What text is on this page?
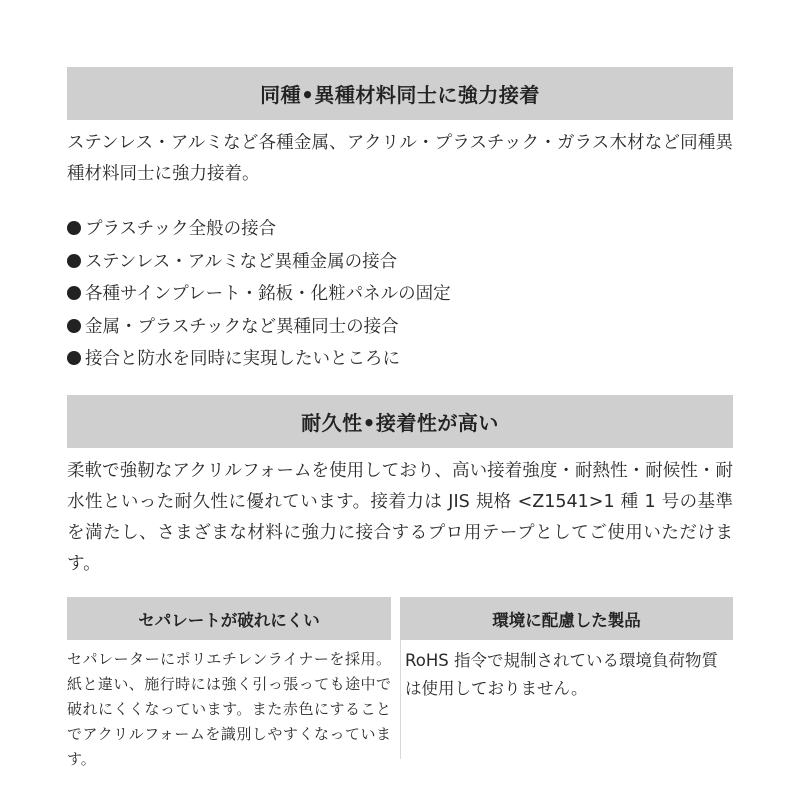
同種•異種材料同士に強力接着

ステンレス・アルミなど各種金属、アクリル・プラスチック・ガラス木材など同種異種材料同士に強力接着。

プラスチック全般の接合
ステンレス・アルミなど異種金属の接合
各種サインプレート・銘板・化粧パネルの固定
金属・プラスチックなど異種同士の接合
接合と防水を同時に実現したいところに
耐久性•接着性が高い

柔軟で強靭なアクリルフォームを使用しており、高い接着強度・耐熱性・耐候性・耐水性といった耐久性に優れています。接着力は JIS 規格 <Z1541>1 種 1 号の基準を満たし、さまざまな材料に強力に接合するプロ用テープとしてご使用いただけます。

セパレートが破れにくい
セパレーターにポリエチレンライナーを採用。紙と違い、施行時には強く引っ張っても途中で破れにくくなっています。また赤色にすることでアクリルフォームを識別しやすくなっています。
環境に配慮した製品
RoHS 指令で規制されている環境負荷物質は使用しておりません。
